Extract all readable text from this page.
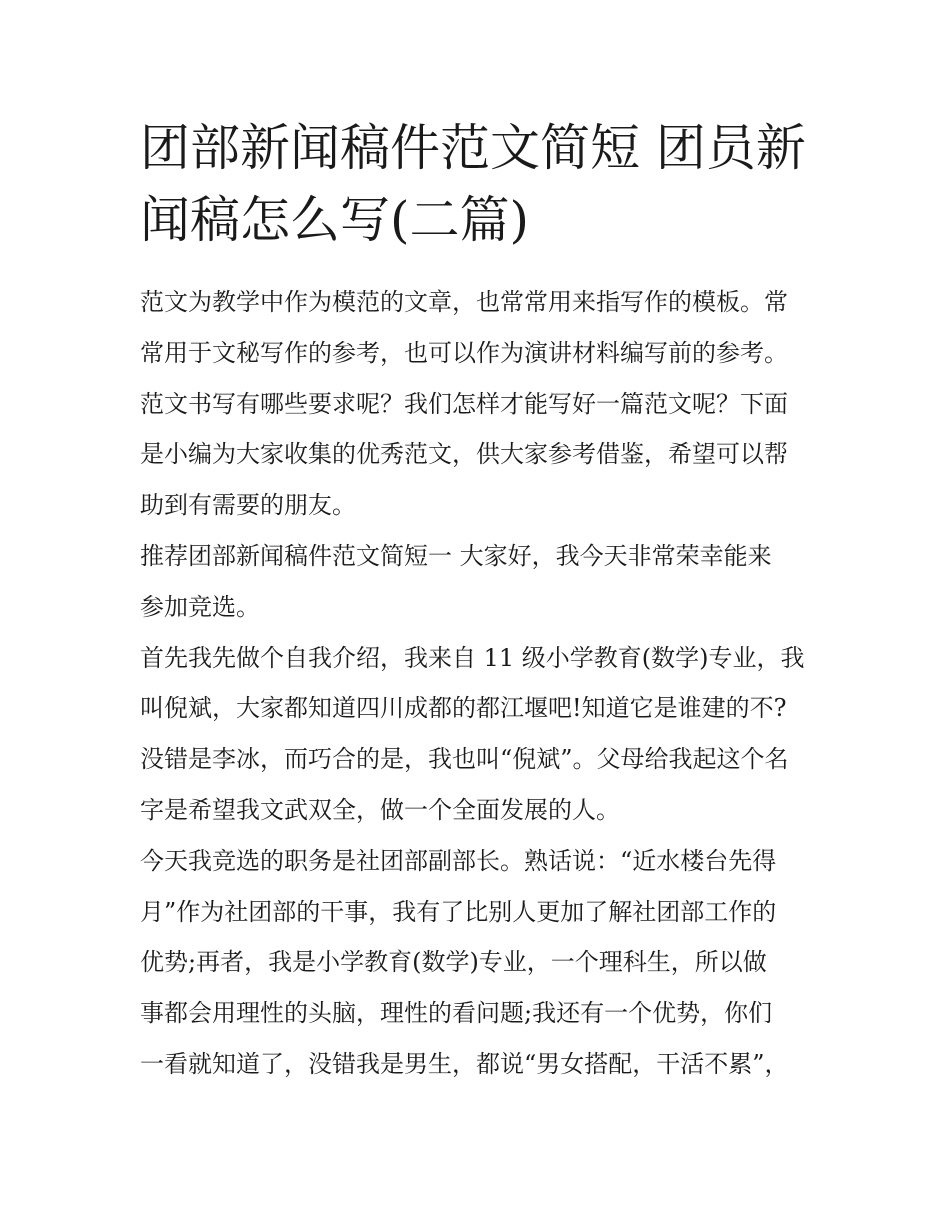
团部新闻稿件范文简短 团员新
闻稿怎么写(二篇)

范文为教学中作为模范的文章，也常常用来指写作的模板。常
常用于文秘写作的参考，也可以作为演讲材料编写前的参考。
范文书写有哪些要求呢？我们怎样才能写好一篇范文呢？下面
是小编为大家收集的优秀范文，供大家参考借鉴，希望可以帮
助到有需要的朋友。

推荐团部新闻稿件范文简短一 大家好，我今天非常荣幸能来
参加竞选。

首先我先做个自我介绍，我来自 11 级小学教育(数学)专业，我
叫倪斌，大家都知道四川成都的都江堰吧!知道它是谁建的不?
没错是李冰，而巧合的是，我也叫“倪斌”。父母给我起这个名
字是希望我文武双全，做一个全面发展的人。

今天我竞选的职务是社团部副部长。熟话说：“近水楼台先得
月”作为社团部的干事，我有了比别人更加了解社团部工作的
优势;再者，我是小学教育(数学)专业，一个理科生，所以做
事都会用理性的头脑，理性的看问题;我还有一个优势，你们
一看就知道了，没错我是男生，都说“男女搭配，干活不累”，
